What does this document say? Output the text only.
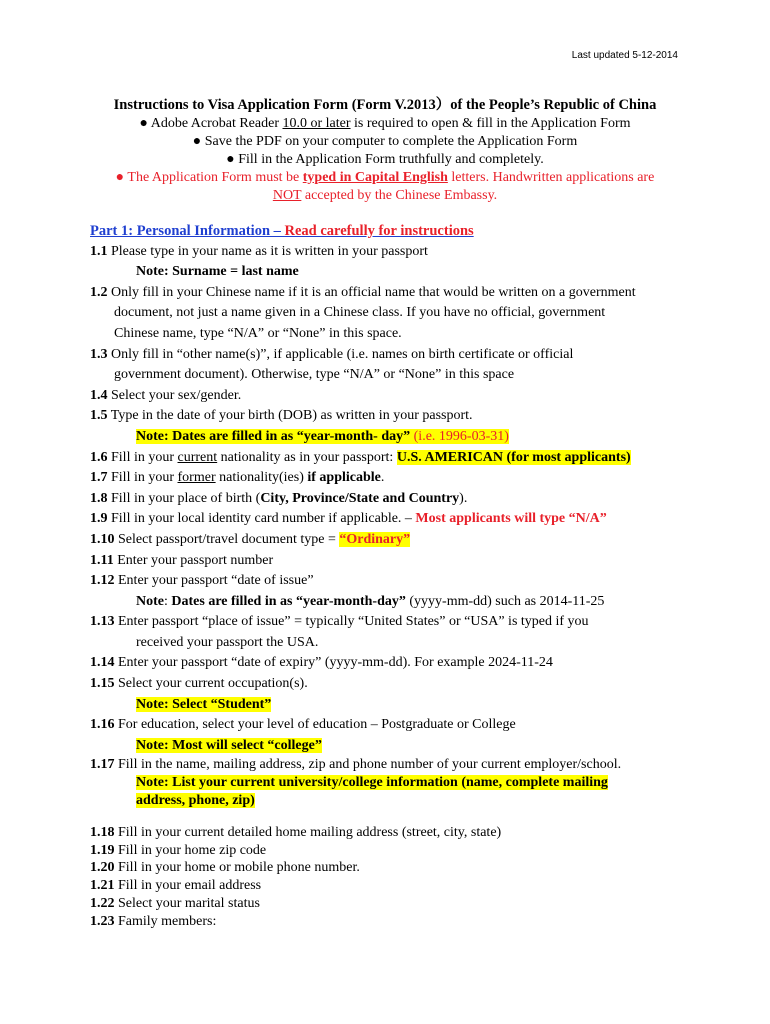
Last updated 5-12-2014
Instructions to Visa Application Form (Form V.2013）of the People’s Republic of China
● Adobe Acrobat Reader 10.0 or later is required to open & fill in the Application Form
● Save the PDF on your computer to complete the Application Form
● Fill in the Application Form truthfully and completely.
● The Application Form must be typed in Capital English letters. Handwritten applications are
NOT accepted by the Chinese Embassy.
Part 1: Personal Information – Read carefully for instructions
1.1 Please type in your name as it is written in your passport
Note: Surname = last name
1.2 Only fill in your Chinese name if it is an official name that would be written on a government
document, not just a name given in a Chinese class. If you have no official, government
Chinese name, type “N/A” or “None” in this space.
1.3 Only fill in “other name(s)”, if applicable (i.e. names on birth certificate or official
government document). Otherwise, type “N/A” or “None” in this space
1.4 Select your sex/gender.
1.5 Type in the date of your birth (DOB) as written in your passport.
Note: Dates are filled in as “year-month- day” (i.e. 1996-03-31)
1.6 Fill in your current nationality as in your passport: U.S. AMERICAN (for most applicants)
1.7 Fill in your former nationality(ies) if applicable.
1.8 Fill in your place of birth (City, Province/State and Country).
1.9 Fill in your local identity card number if applicable. – Most applicants will type “N/A”
1.10 Select passport/travel document type = “Ordinary”
1.11 Enter your passport number
1.12 Enter your passport “date of issue”
Note: Dates are filled in as “year-month-day” (yyyy-mm-dd) such as 2014-11-25
1.13 Enter passport “place of issue” = typically “United States” or “USA” is typed if you
received your passport the USA.
1.14 Enter your passport “date of expiry” (yyyy-mm-dd). For example 2024-11-24
1.15 Select your current occupation(s).
Note: Select “Student”
1.16 For education, select your level of education – Postgraduate or College
Note: Most will select “college”
1.17 Fill in the name, mailing address, zip and phone number of your current employer/school.
Note: List your current university/college information (name, complete mailing
address, phone, zip)
1.18 Fill in your current detailed home mailing address (street, city, state)
1.19 Fill in your home zip code
1.20 Fill in your home or mobile phone number.
1.21 Fill in your email address
1.22 Select your marital status
1.23 Family members:
